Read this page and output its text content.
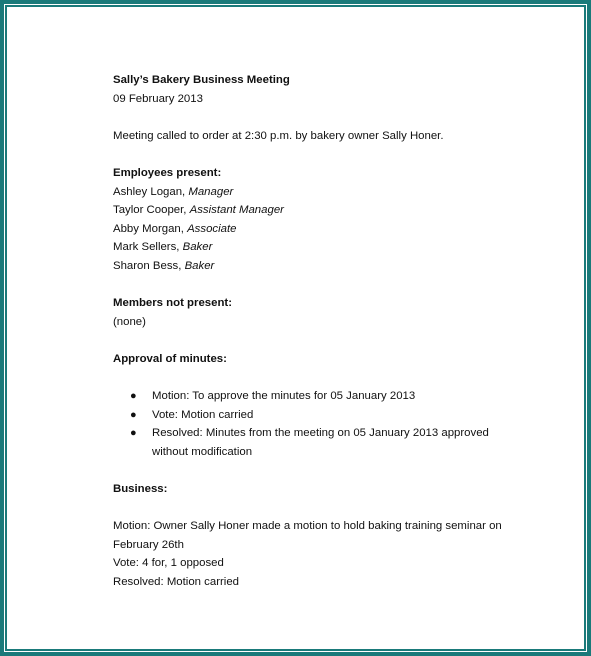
Sally’s Bakery Business Meeting
09 February 2013
Meeting called to order at 2:30 p.m. by bakery owner Sally Honer.
Employees present:
Ashley Logan, Manager
Taylor Cooper, Assistant Manager
Abby Morgan, Associate
Mark Sellers, Baker
Sharon Bess, Baker
Members not present:
(none)
Approval of minutes:
● Motion: To approve the minutes for 05 January 2013
● Vote: Motion carried
● Resolved: Minutes from the meeting on 05 January 2013 approved
without modification
Business:
Motion: Owner Sally Honer made a motion to hold baking training seminar on
February 26th
Vote: 4 for, 1 opposed
Resolved: Motion carried
